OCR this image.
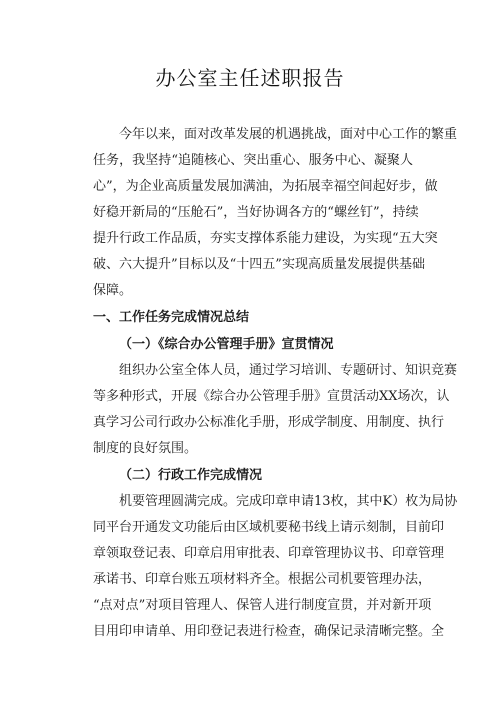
办公室主任述职报告
今年以来，面对改革发展的机遇挑战，面对中心工作的繁重
任务，我坚持“追随核心、突出重心、服务中心、凝聚人
心”，为企业高质量发展加满油，为拓展幸福空间起好步，做
好稳开新局的“压舱石”，当好协调各方的“螺丝钉”，持续
提升行政工作品质，夯实支撑体系能力建设，为实现“五大突
破、六大提升”目标以及“十四五”实现高质量发展提供基础
保障。
一、工作任务完成情况总结
（一）《综合办公管理手册》宣贯情况
组织办公室全体人员，通过学习培训、专题研讨、知识竞赛
等多种形式，开展《综合办公管理手册》宣贯活动XX场次，认
真学习公司行政办公标准化手册，形成学制度、用制度、执行
制度的良好氛围。
（二）行政工作完成情况
机要管理圆满完成。完成印章申请13枚，其中K）枚为局协
同平台开通发文功能后由区域机要秘书线上请示刻制，目前印
章领取登记表、印章启用审批表、印章管理协议书、印章管理
承诺书、印章台账五项材料齐全。根据公司机要管理办法，
“点对点”对项目管理人、保管人进行制度宣贯，并对新开项
目用印申请单、用印登记表进行检查，确保记录清晰完整。全
